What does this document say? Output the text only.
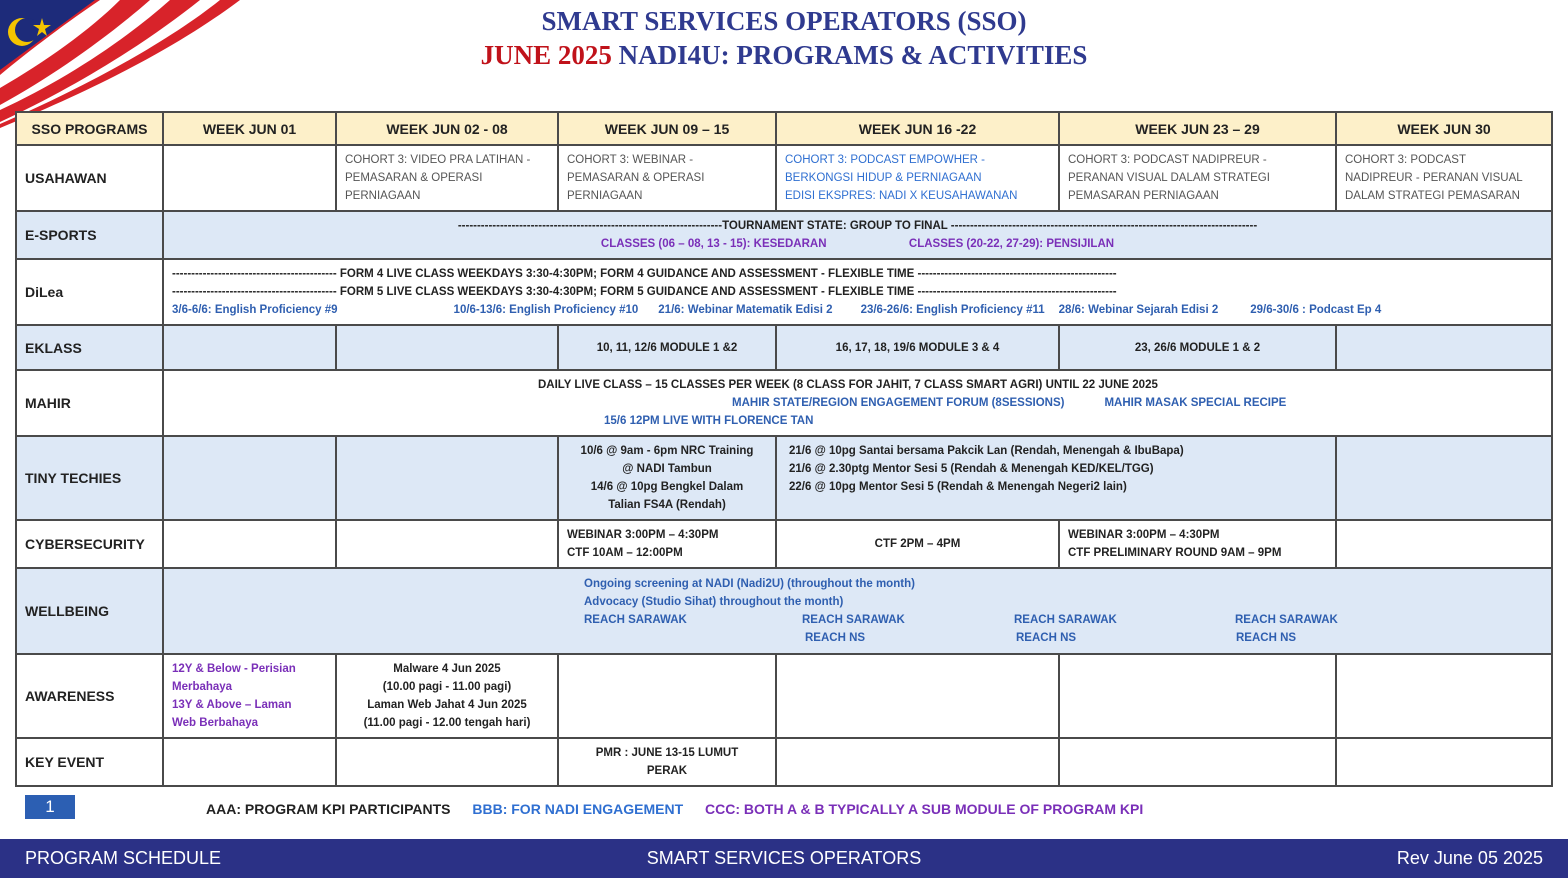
SMART SERVICES OPERATORS (SSO)
JUNE 2025 NADI4U: PROGRAMS & ACTIVITIES
SSO PROGRAMS	WEEK JUN 01	WEEK JUN 02 - 08	WEEK JUN 09 – 15	WEEK JUN 16 -22	WEEK JUN 23 – 29	WEEK JUN 30
USAHAWAN		COHORT 3: VIDEO PRA LATIHAN -
PEMASARAN & OPERASI
PERNIAGAAN	COHORT 3: WEBINAR -
PEMASARAN & OPERASI
PERNIAGAAN	COHORT 3: PODCAST EMPOWHER -
BERKONGSI HIDUP & PERNIAGAAN
EDISI EKSPRES: NADI X KEUSAHAWANAN	COHORT 3: PODCAST NADIPREUR -
PERANAN VISUAL DALAM STRATEGI
PEMASARAN PERNIAGAAN	COHORT 3: PODCAST
NADIPREUR - PERANAN VISUAL
DALAM STRATEGI PEMASARAN

E-SPORTS	---------------------------------------------------------------------TOURNAMENT STATE: GROUP TO FINAL --------------------------------------------------------------------------------
CLASSES (06 – 08, 13 - 15): KESEDARAN CLASSES (20-22, 27-29): PENSIJILAN					

DiLea	------------------------------------------- FORM 4 LIVE CLASS WEEKDAYS 3:30-4:30PM; FORM 4 GUIDANCE AND ASSESSMENT - FLEXIBLE TIME ----------------------------------------------------
------------------------------------------- FORM 5 LIVE CLASS WEEKDAYS 3:30-4:30PM; FORM 5 GUIDANCE AND ASSESSMENT - FLEXIBLE TIME ----------------------------------------------------
3/6-6/6: English Proficiency #9 10/6-13/6: English Proficiency #10 21/6: Webinar Matematik Edisi 2 23/6-26/6: English Proficiency #11 28/6: Webinar Sejarah Edisi 2 29/6-30/6 : Podcast Ep 4					

EKLASS			10, 11, 12/6 MODULE 1 &2	16, 17, 18, 19/6 MODULE 3 & 4	23, 26/6 MODULE 1 & 2	
MAHIR	DAILY LIVE CLASS – 15 CLASSES PER WEEK (8 CLASS FOR JAHIT, 7 CLASS SMART AGRI) UNTIL 22 JUNE 2025
MAHIR STATE/REGION ENGAGEMENT FORUM (8SESSIONS) MAHIR MASAK SPECIAL RECIPE
15/6 12PM LIVE WITH FLORENCE TAN					

TINY TECHIES			10/6 @ 9am - 6pm NRC Training
@ NADI Tambun
14/6 @ 10pg Bengkel Dalam
Talian FS4A (Rendah)	21/6 @ 10pg Santai bersama Pakcik Lan (Rendah, Menengah & IbuBapa)
21/6 @ 2.30ptg Mentor Sesi 5 (Rendah & Menengah KED/KEL/TGG)
22/6 @ 10pg Mentor Sesi 5 (Rendah & Menengah Negeri2 lain)		

CYBERSECURITY			WEBINAR 3:00PM – 4:30PM
CTF 10AM – 12:00PM	CTF 2PM – 4PM	WEBINAR 3:00PM – 4:30PM
CTF PRELIMINARY ROUND 9AM – 9PM	

WELLBEING	Ongoing screening at NADI (Nadi2U) (throughout the month)
Advocacy (Studio Sihat) throughout the month)
REACH SARAWAK REACH SARAWAK REACH SARAWAK REACH SARAWAK
REACH NS REACH NS REACH NS					

AWARENESS	12Y & Below - Perisian
Merbahaya
13Y & Above – Laman
Web Berbahaya	Malware 4 Jun 2025
(10.00 pagi - 11.00 pagi)
Laman Web Jahat 4 Jun 2025
(11.00 pagi - 12.00 tengah hari)				

KEY EVENT			PMR : JUNE 13-15 LUMUT
PERAK			

1	AAA: PROGRAM KPI PARTICIPANTS BBB: FOR NADI ENGAGEMENT CCC: BOTH A & B TYPICALLY A SUB MODULE OF PROGRAM KPI
SMART SERVICES OPERATORS
PROGRAM SCHEDULE	Rev June 05 2025
